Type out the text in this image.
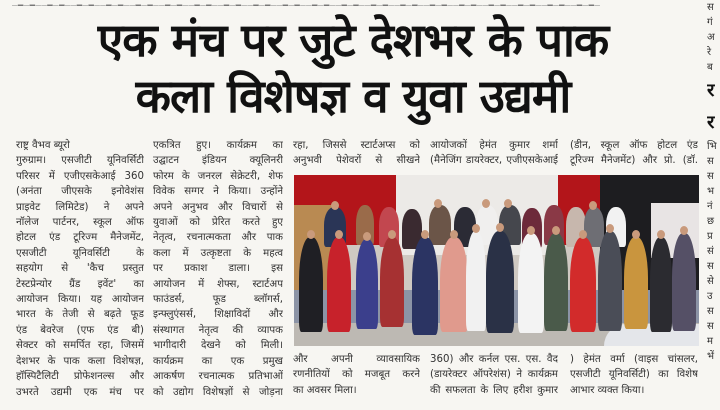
▁▂▁▂▁▁▂▁▂▁▁▂▁▂▁▁▂▁▂▁▁▂▁▂▁▁▂▁▂▁▁▂▁▂▁▁▂▁▂▁▁▂▁▂▁▁▂▁▂▁▁▂▁▂▁▁▂▁▂▁▁▂▁▂▁▁▂▁▂▁▁▂▁▂▁▁▂▁▂▁▁▂▁▂▁▁▂▁▂▁▁▂▁▂▁▁▂▁▂▁
एक मंच पर जुटे देशभर के पाक
कला विशेषज्ञ व युवा उद्यमी
राष्ट्र वैभव ब्यूरो
गुरुग्राम। एसजीटी यूनिवर्सिटी
परिसर में एजीएसकेआई 360
(अनंता जीएसके इनोवेशंस
प्राइवेट लिमिटेड) ने अपने
नॉलेज पार्टनर, स्कूल ऑफ
होटल एंड टूरिज्म मैनेजमेंट,
एसजीटी यूनिवर्सिटी के
सहयोग से 'कैच प्रस्तुत
टेस्टप्रेन्योर ग्रैंड इवेंट' का
आयोजन किया। यह आयोजन
भारत के तेजी से बढ़ते फूड
एंड बेवरेज (एफ एंड बी)
सेक्टर को समर्पित रहा, जिसमें
देशभर के पाक कला विशेषज्ञ,
हॉस्पिटैलिटी प्रोफेशनल्स और
उभरते उद्यमी एक मंच पर
एकत्रित हुए। कार्यक्रम का
उद्घाटन इंडियन क्यूलिनरी
फोरम के जनरल सेक्रेटरी, शेफ
विवेक सग्गर ने किया। उन्होंने
अपने अनुभव और विचारों से
युवाओं को प्रेरित करते हुए
नेतृत्व, रचनात्मकता और पाक
कला में उत्कृष्टता के महत्व
पर प्रकाश डाला। इस
आयोजन में शेफ्स, स्टार्टअप
फाउंडर्स, फूड ब्लॉगर्स,
इन्फ्लुएंसर्स, शिक्षाविदों और
संस्थागत नेतृत्व की व्यापक
भागीदारी देखने को मिली।
कार्यक्रम का एक प्रमुख
आकर्षण रचनात्मक प्रतिभाओं
को उद्योग विशेषज्ञों से जोड़ना
रहा, जिससे स्टार्टअप्स को
अनुभवी पेशेवरों से सीखने
आयोजकों हेमंत कुमार शर्मा
(मैनेजिंग डायरेक्टर, एजीएसकेआई
(डीन, स्कूल ऑफ होटल एंड
टूरिज्म मैनेजमेंट) और प्रो. (डॉ.
और अपनी व्यावसायिक
रणनीतियों को मजबूत करने
का अवसर मिला।
360) और कर्नल एस. एस. वैद
(डायरेक्टर ऑपरेशंस) ने कार्यक्रम
की सफलता के लिए हरीश कुमार
) हेमंत वर्मा (वाइस चांसलर,
एसजीटी यूनिवर्सिटी) का विशेष
आभार व्यक्त किया।
स
गं
अ
रे
ब
र
र
भि
स
स
भ
नं
छ
प्र
सं
स
से
उ
स
स
म
भें
